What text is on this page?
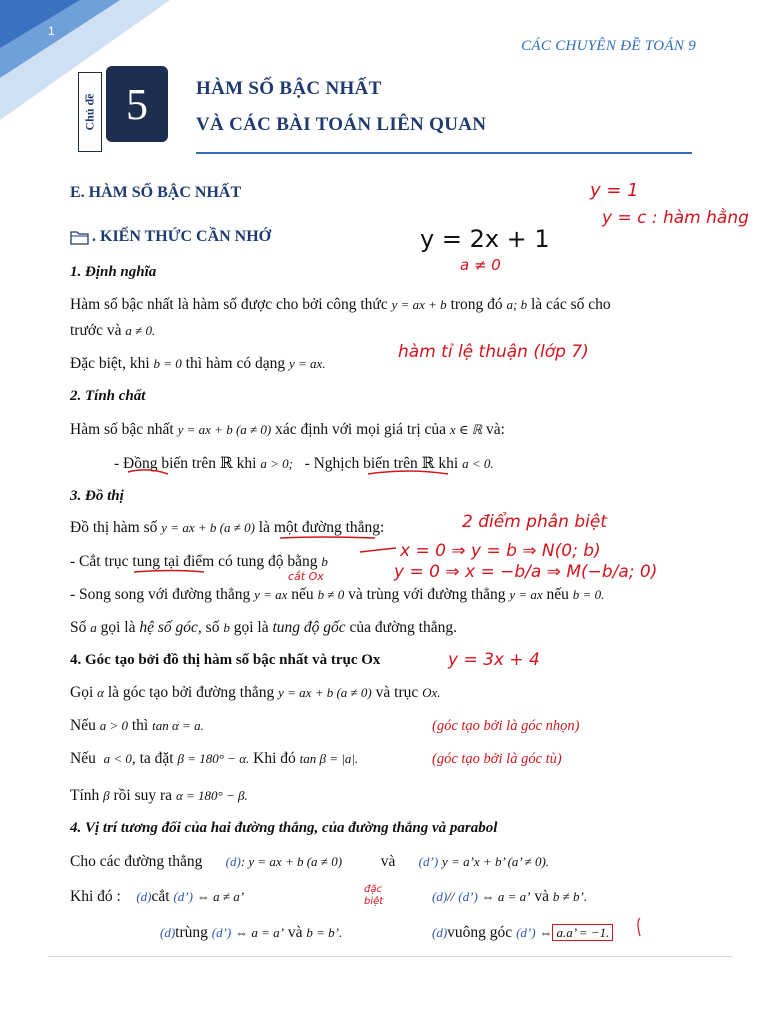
1
CÁC CHUYÊN ĐỀ TOÁN 9
Chủ đề 5	HÀM SỐ BẬC NHẤT
VÀ CÁC BÀI TOÁN LIÊN QUAN
E. HÀM SỐ BẬC NHẤT
. KIẾN THỨC CẦN NHỚ
1. Định nghĩa
Hàm số bậc nhất là hàm số được cho bởi công thức y = ax + b trong đó a; b là các số cho
trước và a ≠ 0.
Đặc biệt, khi b = 0 thì hàm có dạng y = ax.
2. Tính chất
Hàm số bậc nhất y = ax + b (a ≠ 0) xác định với mọi giá trị của x ∈ ℝ và:
- Đồng biến trên ℝ khi a > 0; - Nghịch biến trên ℝ khi a < 0.
3. Đồ thị
Đồ thị hàm số y = ax + b (a ≠ 0) là một đường thẳng:
- Cắt trục tung tại điểm có tung độ bằng b
- Song song với đường thẳng y = ax nếu b ≠ 0 và trùng với đường thẳng y = ax nếu b = 0.
Số a gọi là hệ số góc, số b gọi là tung độ gốc của đường thẳng.
4. Góc tạo bởi đồ thị hàm số bậc nhất và trục Ox
Gọi α là góc tạo bởi đường thẳng y = ax + b (a ≠ 0) và trục Ox.
Nếu a > 0 thì tan α = a.	(góc tạo bởi là góc nhọn)
Nếu a < 0, ta đặt β = 180° − α. Khi đó tan β = |a|.	(góc tạo bởi là góc tù)
Tính β rồi suy ra α = 180° − β.
4. Vị trí tương đối của hai đường thẳng, của đường thẳng và parabol
Cho các đường thẳng (d): y = ax + b (a ≠ 0)	và (d’) y = a’x + b’ (a’ ≠ 0).
Khi đó : (d)cắt (d’) ⇔ a ≠ a’	(d)// (d’) ⇔ a = a’ và b ≠ b’.
(d)trùng (d’) ⇔ a = a’ và b = b’.	(d)vuông góc (d’) ⇔ a.a’ = −1.
y = 1
y = c : hàm hằng
y = 2x + 1
a ≠ 0
hàm tỉ lệ thuận (lớp 7)
2 điểm phân biệt
x = 0 ⇒ y = b ⇒ N(0; b)
cắt Ox	y = 0 ⇒ x = −b/a ⇒ M(−b/a; 0)
y = 3x + 4
đặc biệt
